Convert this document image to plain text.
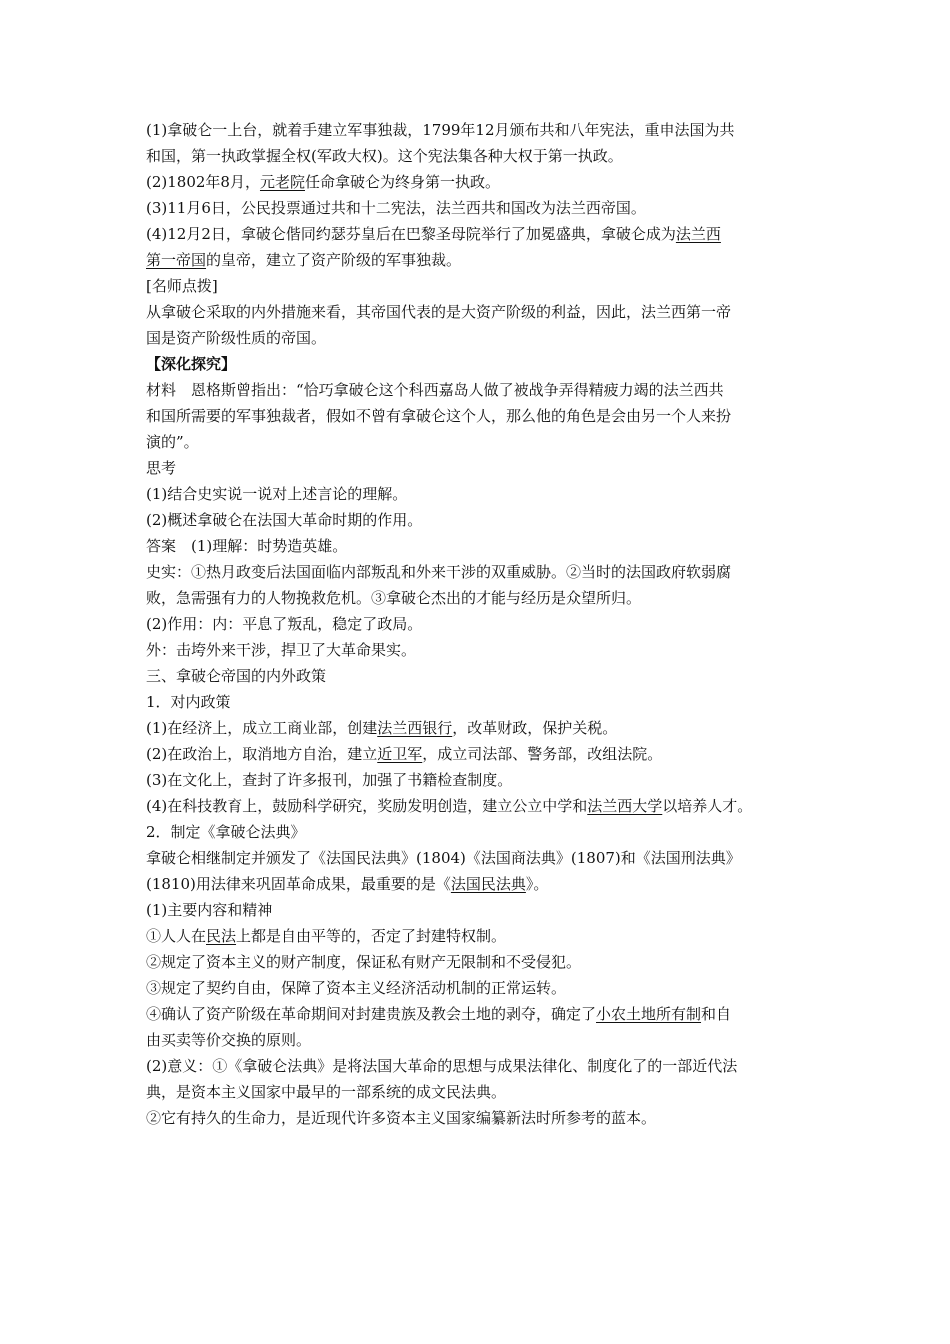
(1)拿破仑一上台，就着手建立军事独裁，1799年12月颁布共和八年宪法，重申法国为共
和国，第一执政掌握全权(军政大权)。这个宪法集各种大权于第一执政。
(2)1802年8月，元老院任命拿破仑为终身第一执政。
(3)11月6日，公民投票通过共和十二宪法，法兰西共和国改为法兰西帝国。
(4)12月2日，拿破仑偕同约瑟芬皇后在巴黎圣母院举行了加冕盛典，拿破仑成为法兰西
第一帝国的皇帝，建立了资产阶级的军事独裁。
[名师点拨]
从拿破仑采取的内外措施来看，其帝国代表的是大资产阶级的利益，因此，法兰西第一帝
国是资产阶级性质的帝国。
【深化探究】
材料　恩格斯曾指出：“恰巧拿破仑这个科西嘉岛人做了被战争弄得精疲力竭的法兰西共
和国所需要的军事独裁者，假如不曾有拿破仑这个人，那么他的角色是会由另一个人来扮
演的”。
思考
(1)结合史实说一说对上述言论的理解。
(2)概述拿破仑在法国大革命时期的作用。
答案　(1)理解：时势造英雄。
史实：①热月政变后法国面临内部叛乱和外来干涉的双重威胁。②当时的法国政府软弱腐
败，急需强有力的人物挽救危机。③拿破仑杰出的才能与经历是众望所归。
(2)作用：内：平息了叛乱，稳定了政局。
外：击垮外来干涉，捍卫了大革命果实。
三、拿破仑帝国的内外政策
1．对内政策
(1)在经济上，成立工商业部，创建法兰西银行，改革财政，保护关税。
(2)在政治上，取消地方自治，建立近卫军，成立司法部、警务部，改组法院。
(3)在文化上，查封了许多报刊，加强了书籍检查制度。
(4)在科技教育上，鼓励科学研究，奖励发明创造，建立公立中学和法兰西大学以培养人才。
2．制定《拿破仑法典》
拿破仑相继制定并颁发了《法国民法典》(1804)《法国商法典》(1807)和《法国刑法典》
(1810)用法律来巩固革命成果，最重要的是《法国民法典》。
(1)主要内容和精神
①人人在民法上都是自由平等的，否定了封建特权制。
②规定了资本主义的财产制度，保证私有财产无限制和不受侵犯。
③规定了契约自由，保障了资本主义经济活动机制的正常运转。
④确认了资产阶级在革命期间对封建贵族及教会土地的剥夺，确定了小农土地所有制和自
由买卖等价交换的原则。
(2)意义：①《拿破仑法典》是将法国大革命的思想与成果法律化、制度化了的一部近代法
典，是资本主义国家中最早的一部系统的成文民法典。
②它有持久的生命力，是近现代许多资本主义国家编纂新法时所参考的蓝本。
